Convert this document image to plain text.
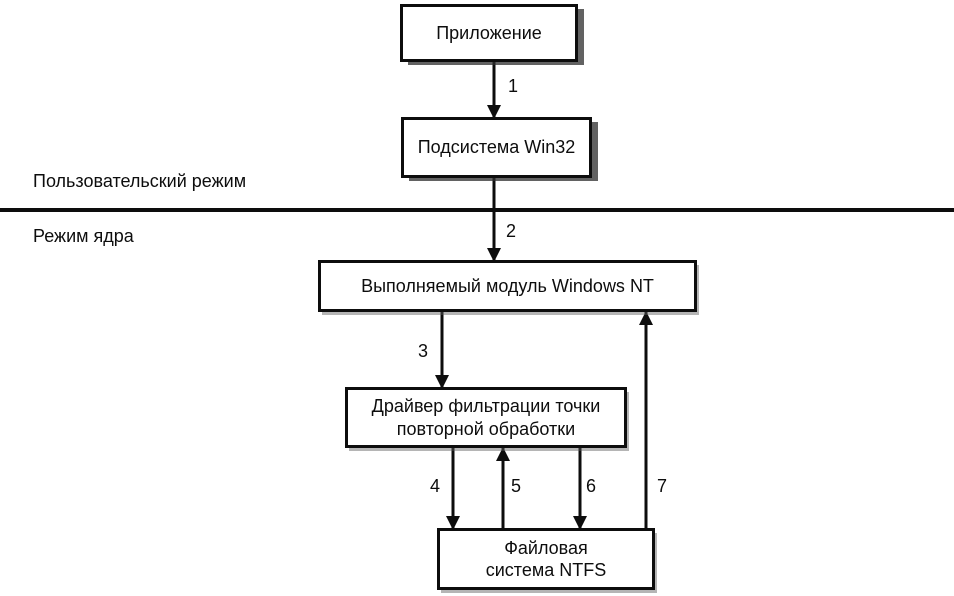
Приложение
1
Подсистема Win32
Пользовательский режим
Режим ядра	2
Выполняемый модуль Windows NT
3
Драйвер фильтрации точки
повторной обработки
4	5	6	7
Файловая
система NTFS
